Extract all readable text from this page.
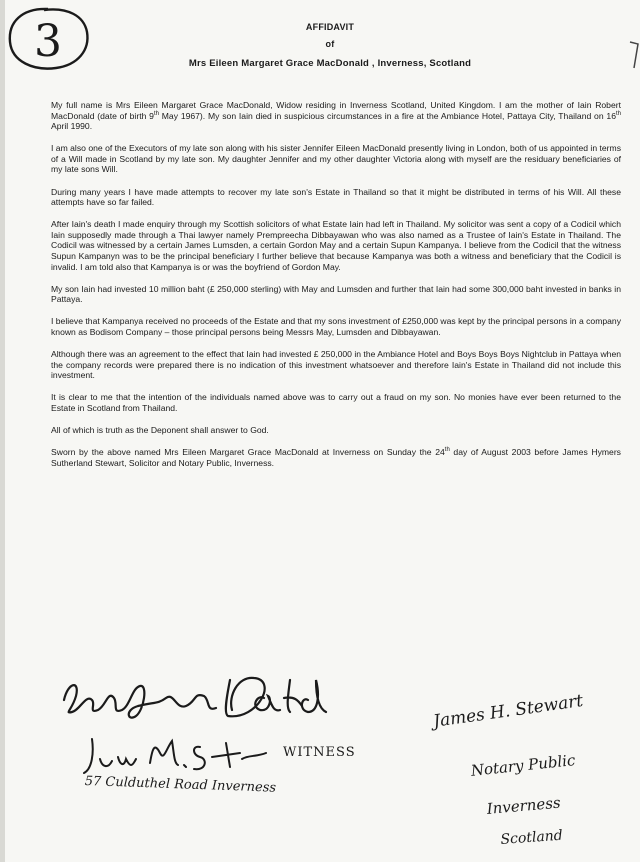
3	AFFIDAVIT
of
Mrs Eileen Margaret Grace MacDonald , Inverness, Scotland

My full name is Mrs Eileen Margaret Grace MacDonald, Widow residing in Inverness Scotland, United Kingdom. I am the mother of Iain Robert MacDonald (date of birth 9th May 1967). My son Iain died in suspicious circumstances in a fire at the Ambiance Hotel, Pattaya City, Thailand on 16th April 1990.

I am also one of the Executors of my late son along with his sister Jennifer Eileen MacDonald presently living in London, both of us appointed in terms of a Will made in Scotland by my late son. My daughter Jennifer and my other daughter Victoria along with myself are the residuary beneficiaries of my late sons Will.

During many years I have made attempts to recover my late son's Estate in Thailand so that it might be distributed in terms of his Will. All these attempts have so far failed.

After Iain's death I made enquiry through my Scottish solicitors of what Estate Iain had left in Thailand. My solicitor was sent a copy of a Codicil which Iain supposedly made through a Thai lawyer namely Prempreecha Dibbayawan who was also named as a Trustee of Iain's Estate in Thailand. The Codicil was witnessed by a certain James Lumsden, a certain Gordon May and a certain Supun Kampanya. I believe from the Codicil that the witness Supun Kampanyn was to be the principal beneficiary I further believe that because Kampanya was both a witness and beneficiary that the Codicil is invalid. I am told also that Kampanya is or was the boyfriend of Gordon May.

My son Iain had invested 10 million baht (£ 250,000 sterling) with May and Lumsden and further that Iain had some 300,000 baht invested in banks in Pattaya.

I believe that Kampanya received no proceeds of the Estate and that my sons investment of £250,000 was kept by the principal persons in a company known as Bodisom Company – those principal persons being Messrs May, Lumsden and Dibbayawan.

Although there was an agreement to the effect that Iain had invested £ 250,000 in the Ambiance Hotel and Boys Boys Boys Nightclub in Pattaya when the company records were prepared there is no indication of this investment whatsoever and therefore Iain's Estate in Thailand did not include this investment.

It is clear to me that the intention of the individuals named above was to carry out a fraud on my son. No monies have ever been returned to the Estate in Scotland from Thailand.

All of which is truth as the Deponent shall answer to God.

Sworn by the above named Mrs Eileen Margaret Grace MacDonald at Inverness on Sunday the 24th day of August 2003 before James Hymers Sutherland Stewart, Solicitor and Notary Public, Inverness.

WITNESS
57 Culduthel Road Inverness
James H. Stewart
Notary Public
Inverness
Scotland
